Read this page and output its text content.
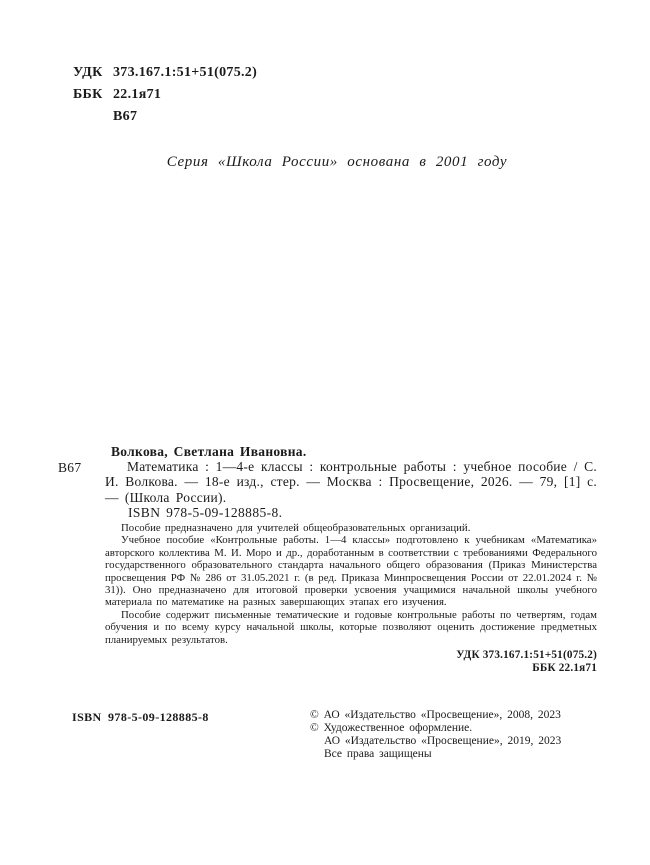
УДК 373.167.1:51+51(075.2)
ББК 22.1я71
В67
Серия «Школа России» основана в 2001 году
В67
Волкова, Светлана Ивановна.
Математика : 1—4-е классы : контрольные работы : учебное пособие / С. И. Волкова. — 18-е изд., стер. — Москва : Просвещение, 2026. — 79, [1] с. — (Школа России).
ISBN 978-5-09-128885-8.

Пособие предназначено для учителей общеобразовательных организаций.

Учебное пособие «Контрольные работы. 1—4 классы» подготовлено к учебникам «Математика» авторского коллектива М. И. Моро и др., доработанным в соответствии с требованиями Федерального государственного образовательного стандарта начального общего образования (Приказ Министерства просвещения РФ № 286 от 31.05.2021 г. (в ред. Приказа Минпросвещения России от 22.01.2024 г. № 31)). Оно предназначено для итоговой проверки усвоения учащимися начальной школы учебного материала по математике на разных завершающих этапах его изучения.

Пособие содержит письменные тематические и годовые контрольные работы по четвертям, годам обучения и по всему курсу начальной школы, которые позволяют оценить достижение предметных планируемых результатов.

УДК 373.167.1:51+51(075.2)
ББК 22.1я71
ISBN 978-5-09-128885-8	© АО «Издательство «Просвещение», 2008, 2023
© Художественное оформление.
АО «Издательство «Просвещение», 2019, 2023
Все права защищены
